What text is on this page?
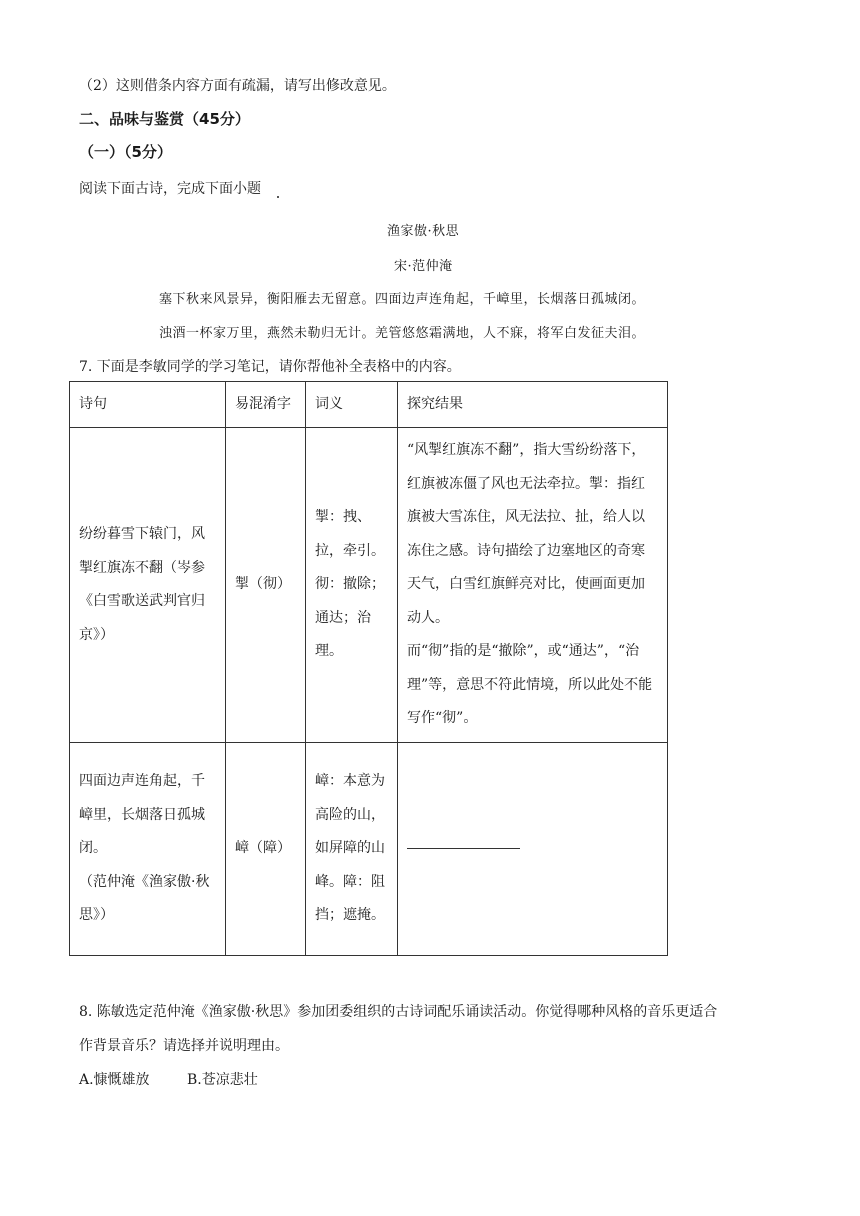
（2）这则借条内容方面有疏漏，请写出修改意见。
二、品味与鉴赏（45分）
（一）（5分）
阅读下面古诗，完成下面小题
渔家傲·秋思
宋·范仲淹
塞下秋来风景异，衡阳雁去无留意。四面边声连角起，千嶂里，长烟落日孤城闭。
浊酒一杯家万里，燕然未勒归无计。羌管悠悠霜满地，人不寐，将军白发征夫泪。
7. 下面是李敏同学的学习笔记，请你帮他补全表格中的内容。
诗句	易混淆字	词义	探究结果
纷纷暮雪下辕门，风掣红旗冻不翻（岑参《白雪歌送武判官归京》）	掣（彻）	掣：拽、拉，牵引。彻：撤除；通达；治理。	“风掣红旗冻不翻”，指大雪纷纷落下，红旗被冻僵了风也无法牵拉。掣：指红旗被大雪冻住，风无法拉、扯，给人以冻住之感。诗句描绘了边塞地区的奇寒天气，白雪红旗鲜亮对比，使画面更加动人。
而“彻”指的是“撤除”，或“通达”，“治理”等，意思不符此情境，所以此处不能写作“彻”。

四面边声连角起，千嶂里，长烟落日孤城闭。
（范仲淹《渔家傲·秋思》）	嶂（障）	嶂：本意为高险的山，如屏障的山峰。障：阻挡；遮掩。	
8. 陈敏选定范仲淹《渔家傲·秋思》参加团委组织的古诗词配乐诵读活动。你觉得哪种风格的音乐更适合
作背景音乐？请选择并说明理由。
A.慷慨雄放	B.苍凉悲壮
